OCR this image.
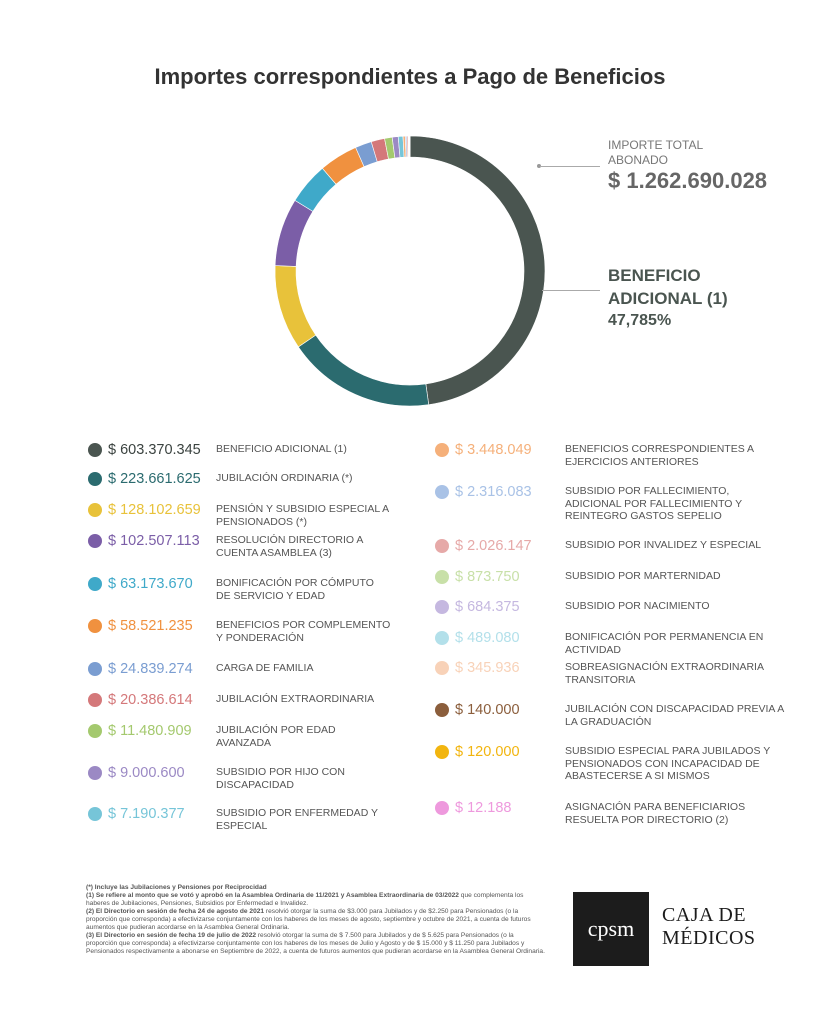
Importes correspondientes a Pago de Beneficios
IMPORTE TOTAL ABONADO
$ 1.262.690.028
BENEFICIO ADICIONAL (1)
47,785%
$ 603.370.345 BENEFICIO ADICIONAL (1)
$ 223.661.625 JUBILACIÓN ORDINARIA (*)
$ 128.102.659 PENSIÓN Y SUBSIDIO ESPECIAL A PENSIONADOS (*)
$ 102.507.113 RESOLUCIÓN DIRECTORIO A CUENTA ASAMBLEA (3)
$ 63.173.670 BONIFICACIÓN POR CÓMPUTO DE SERVICIO Y EDAD
$ 58.521.235 BENEFICIOS POR COMPLEMENTO Y PONDERACIÓN
$ 24.839.274 CARGA DE FAMILIA
$ 20.386.614 JUBILACIÓN EXTRAORDINARIA
$ 11.480.909 JUBILACIÓN POR EDAD AVANZADA
$ 9.000.600	SUBSIDIO POR HIJO CON DISCAPACIDAD
$ 7.190.377	SUBSIDIO POR ENFERMEDAD Y ESPECIAL
$ 3.448.049	BENEFICIOS CORRESPONDIENTES A EJERCICIOS ANTERIORES
$ 2.316.083	SUBSIDIO POR FALLECIMIENTO, ADICIONAL POR FALLECIMIENTO Y REINTEGRO GASTOS SEPELIO
$ 2.026.147	SUBSIDIO POR INVALIDEZ Y ESPECIAL
$ 873.750	SUBSIDIO POR MARTERNIDAD
$ 684.375	SUBSIDIO POR NACIMIENTO
$ 489.080	BONIFICACIÓN POR PERMANENCIA EN ACTIVIDAD
$ 345.936	SOBREASIGNACIÓN EXTRAORDINARIA TRANSITORIA
$ 140.000	JUBILACIÓN CON DISCAPACIDAD PREVIA A LA GRADUACIÓN
$ 120.000	SUBSIDIO ESPECIAL PARA JUBILADOS Y PENSIONADOS CON INCAPACIDAD DE ABASTECERSE A SI MISMOS
$ 12.188	ASIGNACIÓN PARA BENEFICIARIOS RESUELTA POR DIRECTORIO (2)

(*) Incluye las Jubilaciones y Pensiones por Reciprocidad

(1) Se refiere al monto que se votó y aprobó en la Asamblea Ordinaria de 11/2021 y Asamblea Extraordinaria de 03/2022 que complementa los haberes de Jubilaciones, Pensiones, Subsidios por Enfermedad e Invalidez.

(2) El Directorio en sesión de fecha 24 de agosto de 2021 resolvió otorgar la suma de $3.000 para Jubilados y de $2.250 para Pensionados (o la proporción que corresponda) a efectivizarse conjuntamente con los haberes de los meses de agosto, septiembre y octubre de 2021, a cuenta de futuros aumentos que pudieran acordarse en la Asamblea General Ordinaria.

(3) El Directorio en sesión de fecha 19 de julio de 2022 resolvió otorgar la suma de $ 7.500 para Jubilados y de $ 5.625 para Pensionados (o la proporción que corresponda) a efectivizarse conjuntamente con los haberes de los meses de Julio y Agosto y de $ 15.000 y $ 11.250 para Jubilados y Pensionados respectivamente a abonarse en Septiembre de 2022, a cuenta de futuros aumentos que pudieran acordarse en la Asamblea General Ordinaria.

cpsm
CAJA DE
MÉDICOS
